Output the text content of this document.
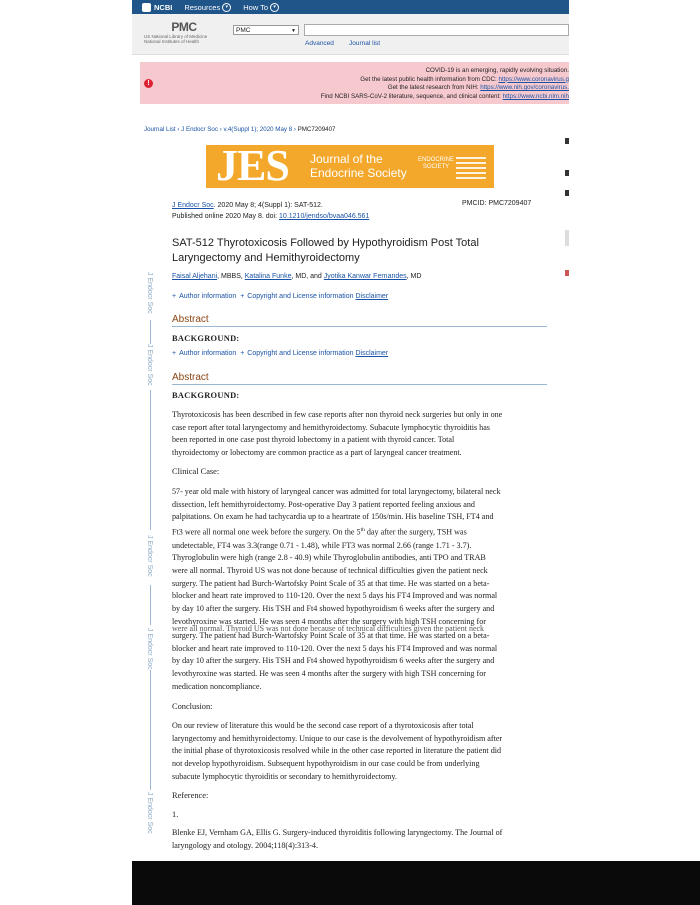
NCBI Resources	▾	How To	▾
PMC
US National Library of Medicine
National Institutes of Health
PMC	▼
Advanced Journal list
!
COVID-19 is an emerging, rapidly evolving situation.
Get the latest public health information from CDC: https://www.coronavirus.g
Get the latest research from NIH: https://www.nih.gov/coronavirus.
Find NCBI SARS-CoV-2 literature, sequence, and clinical content: https://www.ncbi.nlm.nih
Journal List › J Endocr Soc › v.4(Suppl 1); 2020 May 8 › PMC7209407
JES Journal of the
Endocrine Society
ENDOCRINE
SOCIETY
J Endocr Soc. 2020 May 8; 4(Suppl 1): SAT-512.
Published online 2020 May 8. doi: 10.1210/jendso/bvaa046.561
PMCID: PMC7209407
SAT-512 Thyrotoxicosis Followed by Hypothyroidism Post Total
Laryngectomy and Hemithyroidectomy
Faisal Aljehani, MBBS, Katalina Funke, MD, and Jyotika Kanwar Fernandes, MD
+ Author information + Copyright and License information Disclaimer
Abstract
BACKGROUND:
+ Author information + Copyright and License information Disclaimer
Abstract
BACKGROUND:
Thyrotoxicosis has been described in few case reports after non thyroid neck surgeries but only in one
case report after total laryngectomy and hemithyroidectomy. Subacute lymphocytic thyroiditis has
been reported in one case post thyroid lobectomy in a patient with thyroid cancer. Total
thyroidectomy or lobectomy are common practice as a part of laryngeal cancer treatment.
Clinical Case:
57- year old male with history of laryngeal cancer was admitted for total laryngectomy, bilateral neck
dissection, left hemithyroidectomy. Post-operative Day 3 patient reported feeling anxious and
palpitations. On exam he had tachycardia up to a heartrate of 150s/min. His baseline TSH, FT4 and
Ft3 were all normal one week before the surgery. On the 5th day after the surgery, TSH was
undetectable, FT4 was 3.3(range 0.71 - 1.48), while FT3 was normal 2.66 (range 1.71 - 3.7).
Thyroglobulin were high (range 2.8 - 40.9) while Thyroglobulin antibodies, anti TPO and TRAB
were all normal. Thyroid US was not done because of technical difficulties given the patient neck
surgery. The patient had Burch-Wartofsky Point Scale of 35 at that time. He was started on a beta-
blocker and heart rate improved to 110-120. Over the next 5 days his FT4 Improved and was normal
by day 10 after the surgery. His TSH and Ft4 showed hypothyroidism 6 weeks after the surgery and
levothyroxine was started. He was seen 4 months after the surgery with high TSH concerning for
were all normal. Thyroid US was not done because of technical difficulties given the patient neck
surgery. The patient had Burch-Wartofsky Point Scale of 35 at that time. He was started on a beta-
blocker and heart rate improved to 110-120. Over the next 5 days his FT4 Improved and was normal
by day 10 after the surgery. His TSH and Ft4 showed hypothyroidism 6 weeks after the surgery and
levothyroxine was started. He was seen 4 months after the surgery with high TSH concerning for
medication noncompliance.
Conclusion:
On our review of literature this would be the second case report of a thyrotoxicosis after total
laryngectomy and hemithyroidectomy. Unique to our case is the devolvement of hypothyroidism after
the initial phase of thyrotoxicosis resolved while in the other case reported in literature the patient did
not develop hypothyroidism. Subsequent hypothyroidism in our case could be from underlying
subacute lymphocytic thyroiditis or secondary to hemithyroidectomy.
Reference:
1.
Blenke EJ, Vernham GA, Ellis G. Surgery-induced thyroiditis following laryngectomy. The Journal of
laryngology and otology. 2004;118(4):313-4.
J Endocr Soc
J Endocr Soc
J Endocr Soc
J Endocr Soc
J Endocr Soc
